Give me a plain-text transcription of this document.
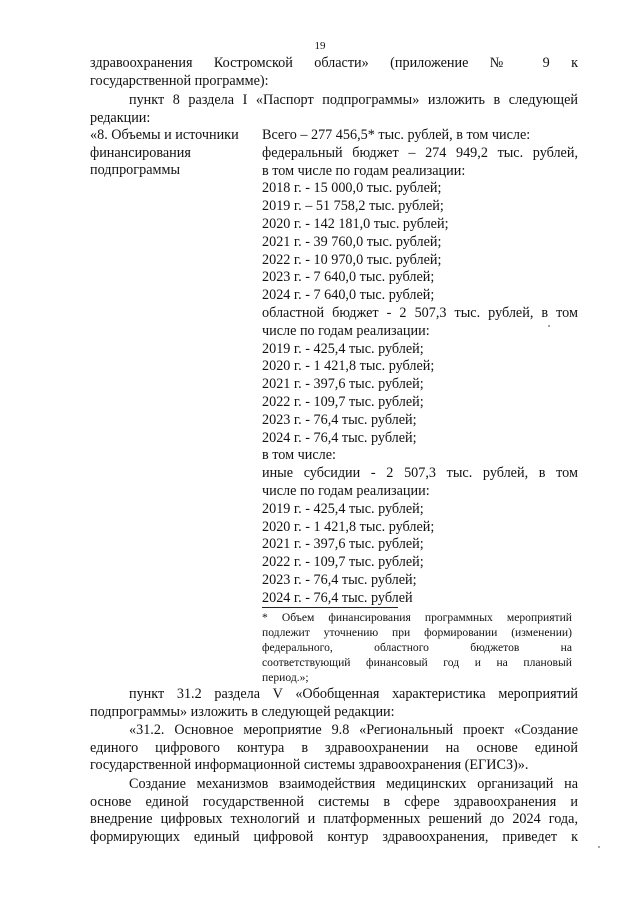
19
здравоохранения Костромской области» (приложение № 9 к
государственной программе):
пункт 8 раздела I «Паспорт подпрограммы» изложить в следующей
редакции:
«8. Объемы и источники
финансирования
подпрограммы
Всего – 277 456,5* тыс. рублей, в том числе:
федеральный бюджет – 274 949,2 тыс. рублей,
в том числе по годам реализации:
2018 г. - 15 000,0 тыс. рублей;
2019 г. – 51 758,2 тыс. рублей;
2020 г. - 142 181,0 тыс. рублей;
2021 г. - 39 760,0 тыс. рублей;
2022 г. - 10 970,0 тыс. рублей;
2023 г. - 7 640,0 тыс. рублей;
2024 г. - 7 640,0 тыс. рублей;
областной бюджет - 2 507,3 тыс. рублей, в том
числе по годам реализации:
2019 г. - 425,4 тыс. рублей;
2020 г. - 1 421,8 тыс. рублей;
2021 г. - 397,6 тыс. рублей;
2022 г. - 109,7 тыс. рублей;
2023 г. - 76,4 тыс. рублей;
2024 г. - 76,4 тыс. рублей;
в том числе:
иные субсидии - 2 507,3 тыс. рублей, в том
числе по годам реализации:
2019 г. - 425,4 тыс. рублей;
2020 г. - 1 421,8 тыс. рублей;
2021 г. - 397,6 тыс. рублей;
2022 г. - 109,7 тыс. рублей;
2023 г. - 76,4 тыс. рублей;
2024 г. - 76,4 тыс. рублей
* Объем финансирования программных мероприятий
подлежит уточнению при формировании (изменении)
федерального, областного бюджетов на
соответствующий финансовый год и на плановый
период.»;
пункт 31.2 раздела V «Обобщенная характеристика мероприятий
подпрограммы» изложить в следующей редакции:
«31.2. Основное мероприятие 9.8 «Региональный проект «Создание
единого цифрового контура в здравоохранении на основе единой
государственной информационной системы здравоохранения (ЕГИСЗ)».
Создание механизмов взаимодействия медицинских организаций на
основе единой государственной системы в сфере здравоохранения и
внедрение цифровых технологий и платформенных решений до 2024 года,
формирующих единый цифровой контур здравоохранения, приведет к
